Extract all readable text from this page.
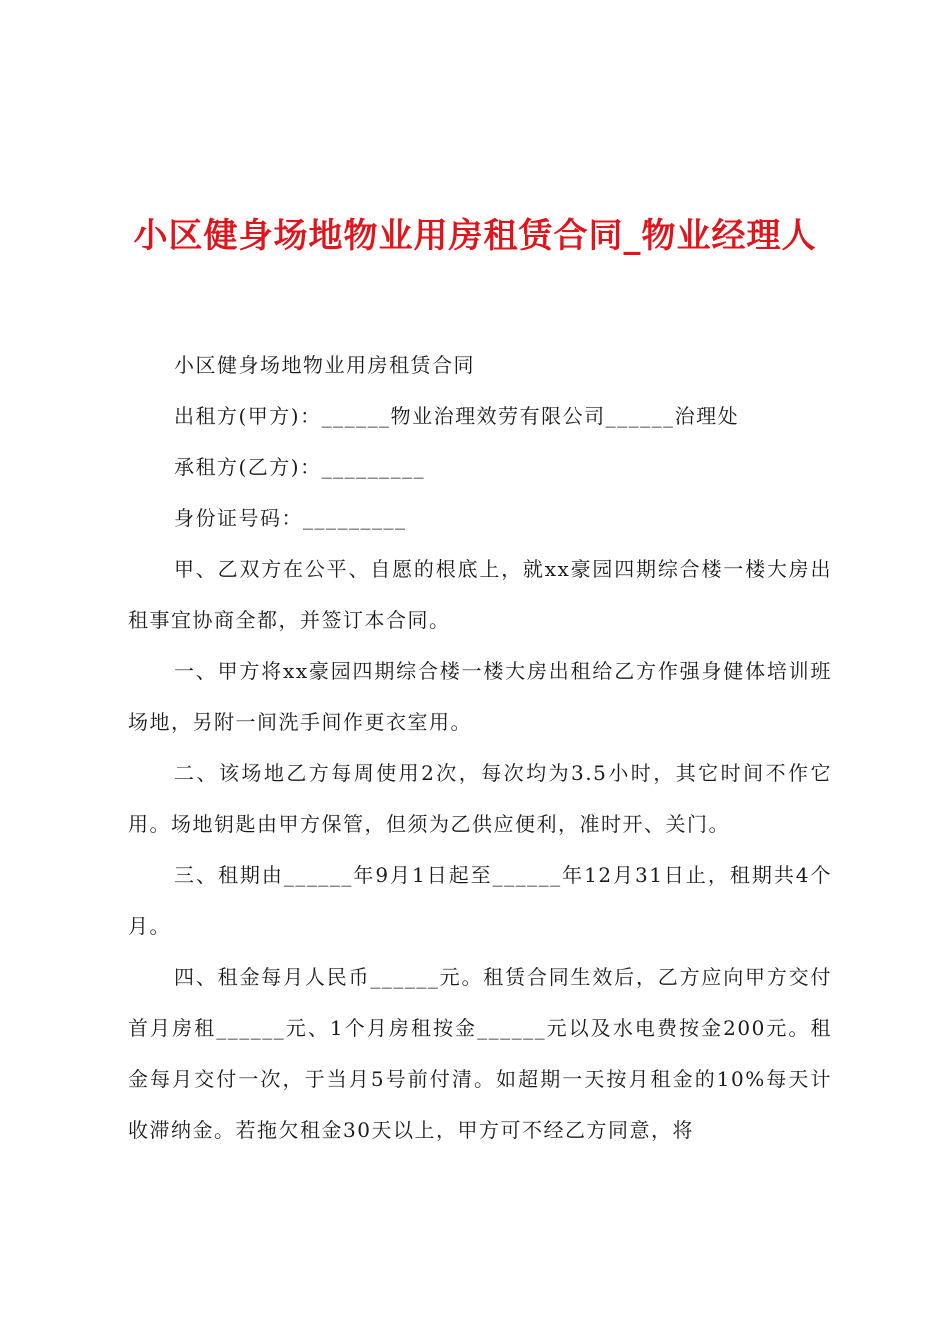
小区健身场地物业用房租赁合同_物业经理人

小区健身场地物业用房租赁合同

出租方(甲方)：______物业治理效劳有限公司______治理处

承租方(乙方)：_________

身份证号码：_________

甲、乙双方在公平、自愿的根底上，就xx豪园四期综合楼一楼大房出租事宜协商全都，并签订本合同。

一、甲方将xx豪园四期综合楼一楼大房出租给乙方作强身健体培训班场地，另附一间洗手间作更衣室用。

二、该场地乙方每周使用2次，每次均为3.5小时，其它时间不作它用。场地钥匙由甲方保管，但须为乙供应便利，准时开、关门。

三、租期由______年9月1日起至______年12月31日止，租期共4个月。

四、租金每月人民币______元。租赁合同生效后，乙方应向甲方交付首月房租______元、1个月房租按金______元以及水电费按金200元。租金每月交付一次，于当月5号前付清。如超期一天按月租金的10%每天计收滞纳金。若拖欠租金30天以上，甲方可不经乙方同意，将
